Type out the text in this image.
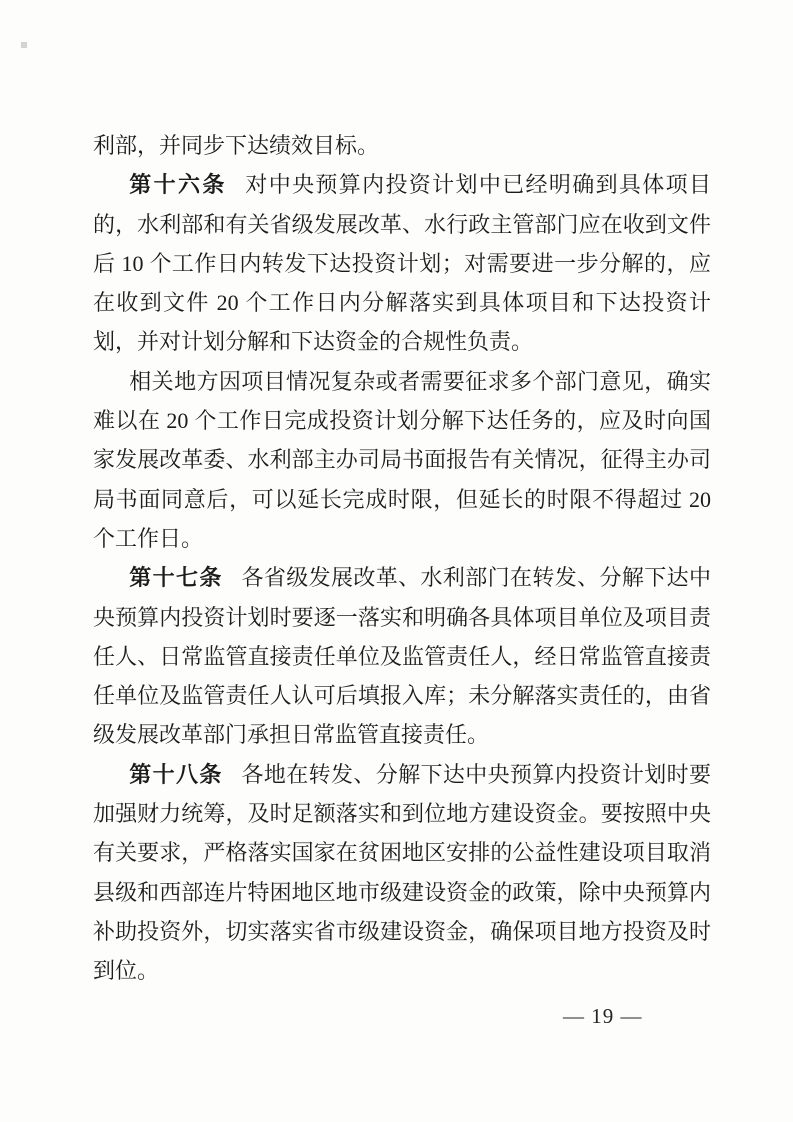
利部，并同步下达绩效目标。

第十六条 对中央预算内投资计划中已经明确到具体项目的，水利部和有关省级发展改革、水行政主管部门应在收到文件后 10 个工作日内转发下达投资计划；对需要进一步分解的，应在收到文件 20 个工作日内分解落实到具体项目和下达投资计划，并对计划分解和下达资金的合规性负责。

相关地方因项目情况复杂或者需要征求多个部门意见，确实难以在 20 个工作日完成投资计划分解下达任务的，应及时向国家发展改革委、水利部主办司局书面报告有关情况，征得主办司局书面同意后，可以延长完成时限，但延长的时限不得超过 20 个工作日。

第十七条 各省级发展改革、水利部门在转发、分解下达中央预算内投资计划时要逐一落实和明确各具体项目单位及项目责任人、日常监管直接责任单位及监管责任人，经日常监管直接责任单位及监管责任人认可后填报入库；未分解落实责任的，由省级发展改革部门承担日常监管直接责任。

第十八条 各地在转发、分解下达中央预算内投资计划时要加强财力统筹，及时足额落实和到位地方建设资金。要按照中央有关要求，严格落实国家在贫困地区安排的公益性建设项目取消县级和西部连片特困地区地市级建设资金的政策，除中央预算内补助投资外，切实落实省市级建设资金，确保项目地方投资及时到位。

— 19 —
